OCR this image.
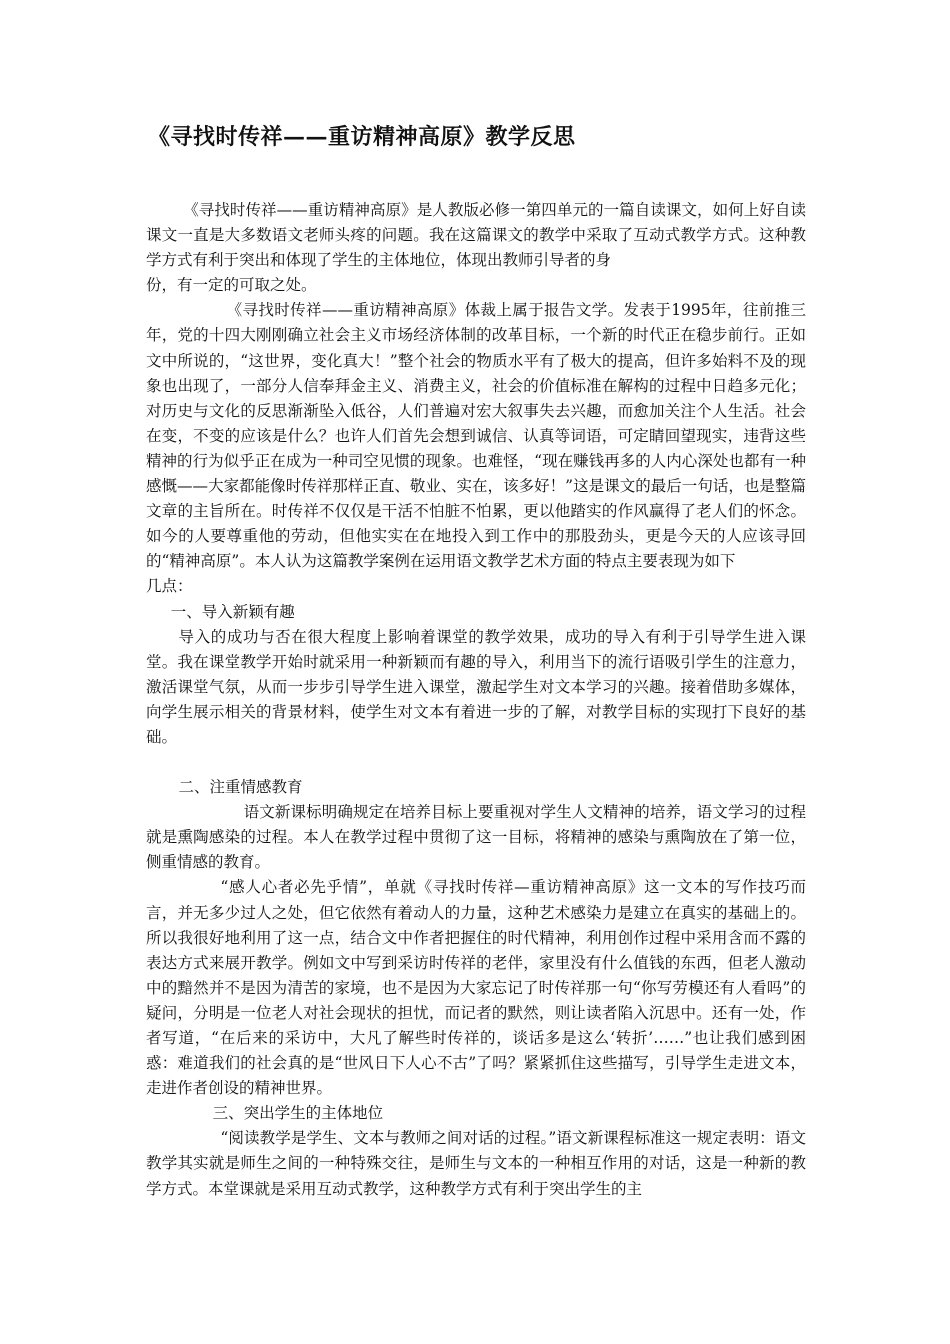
《寻找时传祥——重访精神高原》教学反思

《寻找时传祥——重访精神高原》是人教版必修一第四单元的一篇自读课文，如何上好自读课文一直是大多数语文老师头疼的问题。我在这篇课文的教学中采取了互动式教学方式。这种教学方式有利于突出和体现了学生的主体地位，体现出教师引导者的身

份，有一定的可取之处。

《寻找时传祥——重访精神高原》体裁上属于报告文学。发表于1995年，往前推三年，党的十四大刚刚确立社会主义市场经济体制的改革目标，一个新的时代正在稳步前行。正如文中所说的，“这世界，变化真大！”整个社会的物质水平有了极大的提高，但许多始料不及的现象也出现了，一部分人信奉拜金主义、消费主义，社会的价值标准在解构的过程中日趋多元化；对历史与文化的反思渐渐坠入低谷，人们普遍对宏大叙事失去兴趣，而愈加关注个人生活。社会在变，不变的应该是什么？也许人们首先会想到诚信、认真等词语，可定睛回望现实，违背这些精神的行为似乎正在成为一种司空见惯的现象。也难怪，“现在赚钱再多的人内心深处也都有一种感慨——大家都能像时传祥那样正直、敬业、实在，该多好！”这是课文的最后一句话，也是整篇文章的主旨所在。时传祥不仅仅是干活不怕脏不怕累，更以他踏实的作风赢得了老人们的怀念。如今的人要尊重他的劳动，但他实实在在地投入到工作中的那股劲头，更是今天的人应该寻回的“精神高原”。本人认为这篇教学案例在运用语文教学艺术方面的特点主要表现为如下

几点：

一、导入新颖有趣

导入的成功与否在很大程度上影响着课堂的教学效果，成功的导入有利于引导学生进入课堂。我在课堂教学开始时就采用一种新颖而有趣的导入，利用当下的流行语吸引学生的注意力，激活课堂气氛，从而一步步引导学生进入课堂，激起学生对文本学习的兴趣。接着借助多媒体，向学生展示相关的背景材料，使学生对文本有着进一步的了解，对教学目标的实现打下良好的基础。

二、注重情感教育

语文新课标明确规定在培养目标上要重视对学生人文精神的培养，语文学习的过程就是熏陶感染的过程。本人在教学过程中贯彻了这一目标，将精神的感染与熏陶放在了第一位，侧重情感的教育。

“感人心者必先乎情”，单就《寻找时传祥—重访精神高原》这一文本的写作技巧而言，并无多少过人之处，但它依然有着动人的力量，这种艺术感染力是建立在真实的基础上的。所以我很好地利用了这一点，结合文中作者把握住的时代精神，利用创作过程中采用含而不露的表达方式来展开教学。例如文中写到采访时传祥的老伴，家里没有什么值钱的东西，但老人激动中的黯然并不是因为清苦的家境，也不是因为大家忘记了时传祥那一句“你写劳模还有人看吗”的疑问，分明是一位老人对社会现状的担忧，而记者的默然，则让读者陷入沉思中。还有一处，作者写道，“在后来的采访中，大凡了解些时传祥的，谈话多是这么‘转折’……”也让我们感到困惑：难道我们的社会真的是“世风日下人心不古”了吗？紧紧抓住这些描写，引导学生走进文本，走进作者创设的精神世界。

三、突出学生的主体地位

“阅读教学是学生、文本与教师之间对话的过程。”语文新课程标准这一规定表明：语文教学其实就是师生之间的一种特殊交往，是师生与文本的一种相互作用的对话，这是一种新的教学方式。本堂课就是采用互动式教学，这种教学方式有利于突出学生的主
